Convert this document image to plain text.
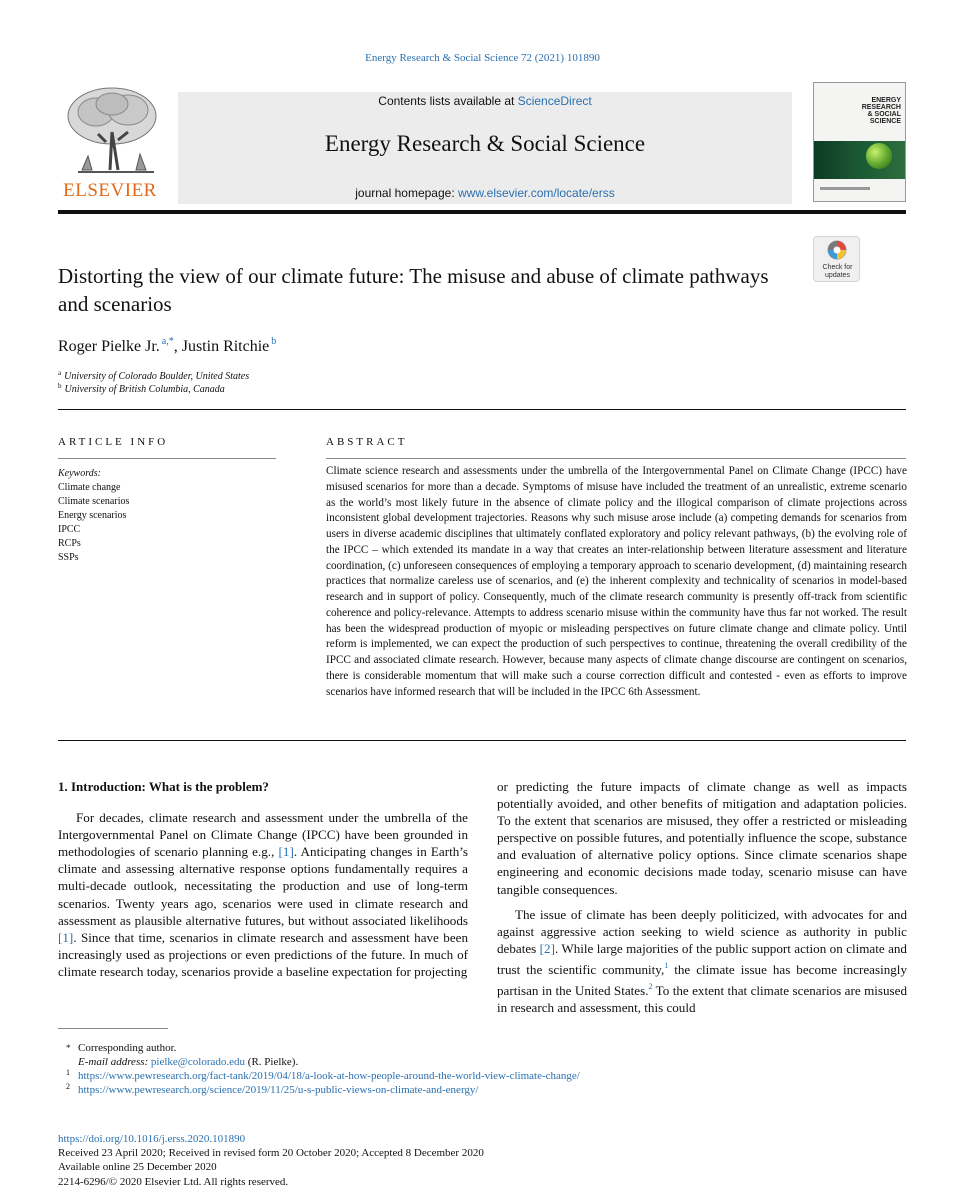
Energy Research & Social Science 72 (2021) 101890
ELSEVIER
Contents lists available at ScienceDirect
Energy Research & Social Science
journal homepage: www.elsevier.com/locate/erss
ENERGY
RESEARCH
& SOCIAL
SCIENCE
Check for
updates
Distorting the view of our climate future: The misuse and abuse of climate pathways and scenarios
Roger Pielke Jr. $^{a,*}$, Justin Ritchie $^b$
$^a$ University of Colorado Boulder, United States
$^b$ University of British Columbia, Canada
ARTICLE INFO	ABSTRACT
Keywords:
Climate change
Climate scenarios
Energy scenarios
IPCC
RCPs
SSPs
Climate science research and assessments under the umbrella of the Intergovernmental Panel on Climate Change (IPCC) have misused scenarios for more than a decade. Symptoms of misuse have included the treatment of an unrealistic, extreme scenario as the world’s most likely future in the absence of climate policy and the illogical comparison of climate projections across inconsistent global development trajectories. Reasons why such misuse arose include (a) competing demands for scenarios from users in diverse academic disciplines that ultimately conflated exploratory and policy relevant pathways, (b) the evolving role of the IPCC – which extended its mandate in a way that creates an inter-relationship between literature assessment and literature coordination, (c) unforeseen consequences of employing a temporary approach to scenario development, (d) maintaining research practices that normalize careless use of scenarios, and (e) the inherent complexity and technicality of scenarios in model-based research and in support of policy. Consequently, much of the climate research community is presently off-track from scientific coherence and policy-relevance. Attempts to address scenario misuse within the community have thus far not worked. The result has been the widespread production of myopic or misleading perspectives on future climate change and climate policy. Until reform is implemented, we can expect the production of such perspectives to continue, threatening the overall credibility of the IPCC and associated climate research. However, because many aspects of climate change discourse are contingent on scenarios, there is considerable momentum that will make such a course correction difficult and contested - even as efforts to improve scenarios have informed research that will be included in the IPCC 6th Assessment.
1. Introduction: What is the problem?

For decades, climate research and assessment under the umbrella of the Intergovernmental Panel on Climate Change (IPCC) have been grounded in methodologies of scenario planning e.g., [1]. Anticipating changes in Earth’s climate and assessing alternative response options fundamentally requires a multi-decade outlook, necessitating the production and use of long-term scenarios. Twenty years ago, scenarios were used in climate research and assessment as plausible alternative futures, but without associated likelihoods [1]. Since that time, scenarios in climate research and assessment have been increasingly used as projections or even predictions of the future. In much of climate research today, scenarios provide a baseline expectation for projecting

or predicting the future impacts of climate change as well as impacts potentially avoided, and other benefits of mitigation and adaptation policies. To the extent that scenarios are misused, they offer a restricted or misleading perspective on possible futures, and potentially influence the scope, substance and evaluation of alternative policy options. Since climate scenarios shape engineering and economic decisions made today, scenario misuse can have tangible consequences.

The issue of climate has been deeply politicized, with advocates for and against aggressive action seeking to wield science as authority in public debates [2]. While large majorities of the public support action on climate and trust the scientific community,$^1$ the climate issue has become increasingly partisan in the United States.$^2$ To the extent that climate scenarios are misused in research and assessment, this could

* Corresponding author.
E-mail address: pielke@colorado.edu (R. Pielke).
1 https://www.pewresearch.org/fact-tank/2019/04/18/a-look-at-how-people-around-the-world-view-climate-change/
2 https://www.pewresearch.org/science/2019/11/25/u-s-public-views-on-climate-and-energy/
https://doi.org/10.1016/j.erss.2020.101890
Received 23 April 2020; Received in revised form 20 October 2020; Accepted 8 December 2020
Available online 25 December 2020
2214-6296/© 2020 Elsevier Ltd. All rights reserved.
